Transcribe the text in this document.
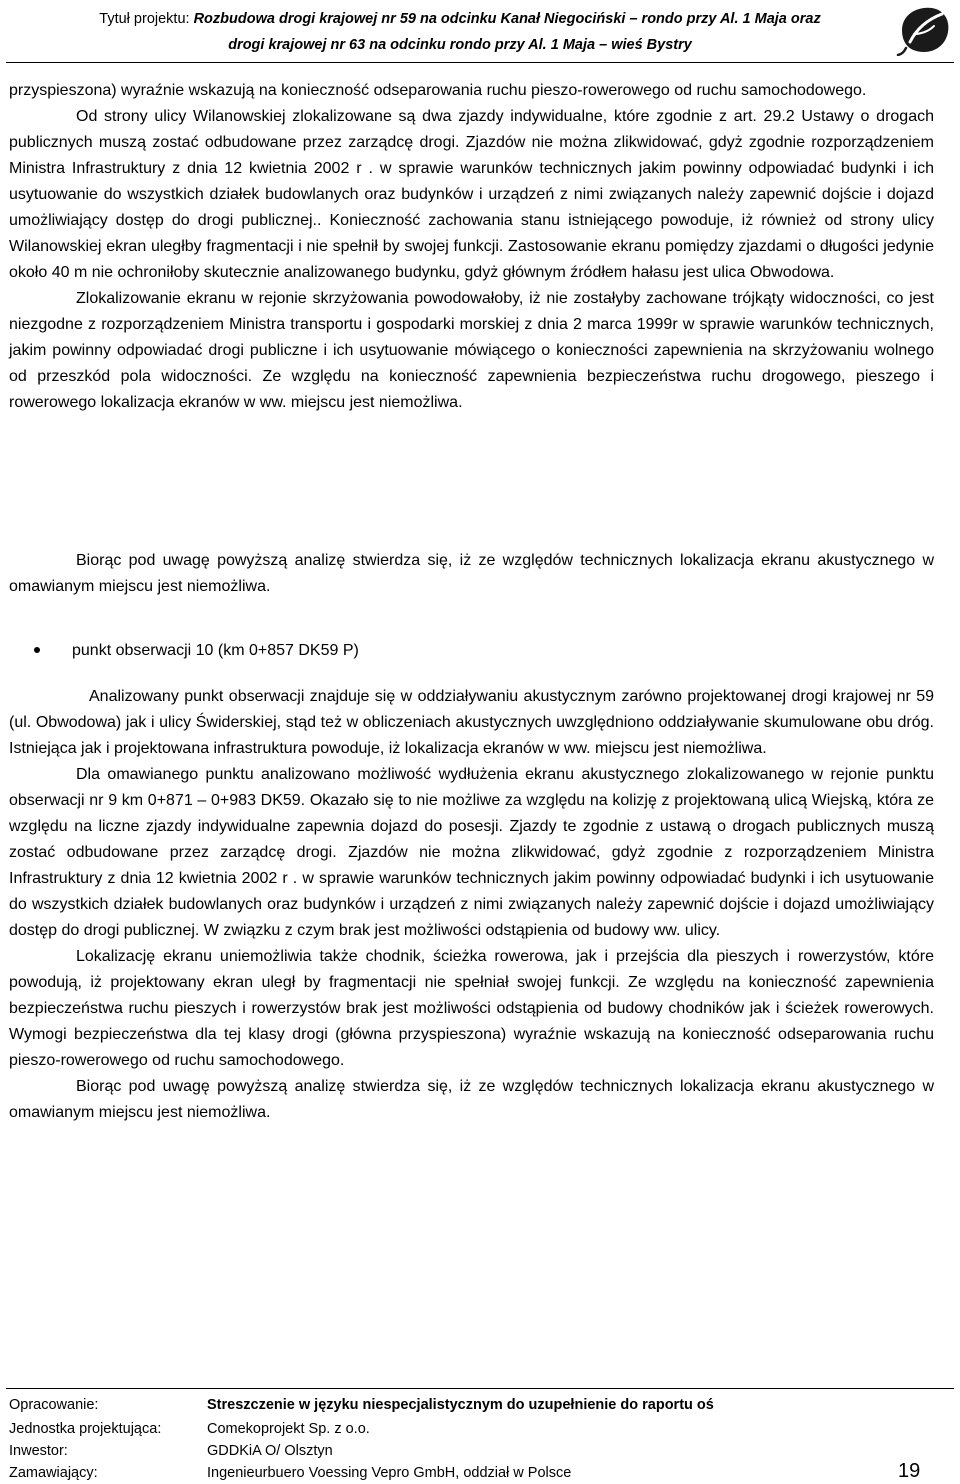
Tytuł projektu: Rozbudowa drogi krajowej nr 59 na odcinku Kanał Niegociński – rondo przy Al. 1 Maja oraz
drogi krajowej nr 63 na odcinku rondo przy Al. 1 Maja – wieś Bystry

przyspieszona) wyraźnie wskazują na konieczność odseparowania ruchu pieszo-rowerowego od ruchu samochodowego.

Od strony ulicy Wilanowskiej zlokalizowane są dwa zjazdy indywidualne, które zgodnie z art. 29.2 Ustawy o drogach publicznych muszą zostać odbudowane przez zarządcę drogi. Zjazdów nie można zlikwidować, gdyż zgodnie rozporządzeniem Ministra Infrastruktury z dnia 12 kwietnia 2002 r . w sprawie warunków technicznych jakim powinny odpowiadać budynki i ich usytuowanie do wszystkich działek budowlanych oraz budynków i urządzeń z nimi związanych należy zapewnić dojście i dojazd umożliwiający dostęp do drogi publicznej.. Konieczność zachowania stanu istniejącego powoduje, iż również od strony ulicy Wilanowskiej ekran uległby fragmentacji i nie spełnił by swojej funkcji. Zastosowanie ekranu pomiędzy zjazdami o długości jedynie około 40 m nie ochroniłoby skutecznie analizowanego budynku, gdyż głównym źródłem hałasu jest ulica Obwodowa.

Zlokalizowanie ekranu w rejonie skrzyżowania powodowałoby, iż nie zostałyby zachowane trójkąty widoczności, co jest niezgodne z rozporządzeniem Ministra transportu i gospodarki morskiej z dnia 2 marca 1999r w sprawie warunków technicznych, jakim powinny odpowiadać drogi publiczne i ich usytuowanie mówiącego o konieczności zapewnienia na skrzyżowaniu wolnego od przeszkód pola widoczności. Ze względu na konieczność zapewnienia bezpieczeństwa ruchu drogowego, pieszego i rowerowego lokalizacja ekranów w ww. miejscu jest niemożliwa.

Biorąc pod uwagę powyższą analizę stwierdza się, iż ze względów technicznych lokalizacja ekranu akustycznego w omawianym miejscu jest niemożliwa.

punkt obserwacji 10 (km 0+857 DK59 P)

Analizowany punkt obserwacji znajduje się w oddziaływaniu akustycznym zarówno projektowanej drogi krajowej nr 59 (ul. Obwodowa) jak i ulicy Świderskiej, stąd też w obliczeniach akustycznych uwzględniono oddziaływanie skumulowane obu dróg. Istniejąca jak i projektowana infrastruktura powoduje, iż lokalizacja ekranów w ww. miejscu jest niemożliwa.

Dla omawianego punktu analizowano możliwość wydłużenia ekranu akustycznego zlokalizowanego w rejonie punktu obserwacji nr 9 km 0+871 – 0+983 DK59. Okazało się to nie możliwe za względu na kolizję z projektowaną ulicą Wiejską, która ze względu na liczne zjazdy indywidualne zapewnia dojazd do posesji. Zjazdy te zgodnie z ustawą o drogach publicznych muszą zostać odbudowane przez zarządcę drogi. Zjazdów nie można zlikwidować, gdyż zgodnie z rozporządzeniem Ministra Infrastruktury z dnia 12 kwietnia 2002 r . w sprawie warunków technicznych jakim powinny odpowiadać budynki i ich usytuowanie do wszystkich działek budowlanych oraz budynków i urządzeń z nimi związanych należy zapewnić dojście i dojazd umożliwiający dostęp do drogi publicznej. W związku z czym brak jest możliwości odstąpienia od budowy ww. ulicy.

Lokalizację ekranu uniemożliwia także chodnik, ścieżka rowerowa, jak i przejścia dla pieszych i rowerzystów, które powodują, iż projektowany ekran uległ by fragmentacji nie spełniał swojej funkcji. Ze względu na konieczność zapewnienia bezpieczeństwa ruchu pieszych i rowerzystów brak jest możliwości odstąpienia od budowy chodników jak i ścieżek rowerowych. Wymogi bezpieczeństwa dla tej klasy drogi (główna przyspieszona) wyraźnie wskazują na konieczność odseparowania ruchu pieszo-rowerowego od ruchu samochodowego.

Biorąc pod uwagę powyższą analizę stwierdza się, iż ze względów technicznych lokalizacja ekranu akustycznego w omawianym miejscu jest niemożliwa.

Opracowanie:	Streszczenie w języku niespecjalistycznym do uzupełnienie do raportu oś
Jednostka projektująca:	Comekoprojekt Sp. z o.o.
Inwestor:	GDDKiA O/ Olsztyn
Zamawiający:	Ingenieurbuero Voessing Vepro GmbH, oddział w Polsce	19
